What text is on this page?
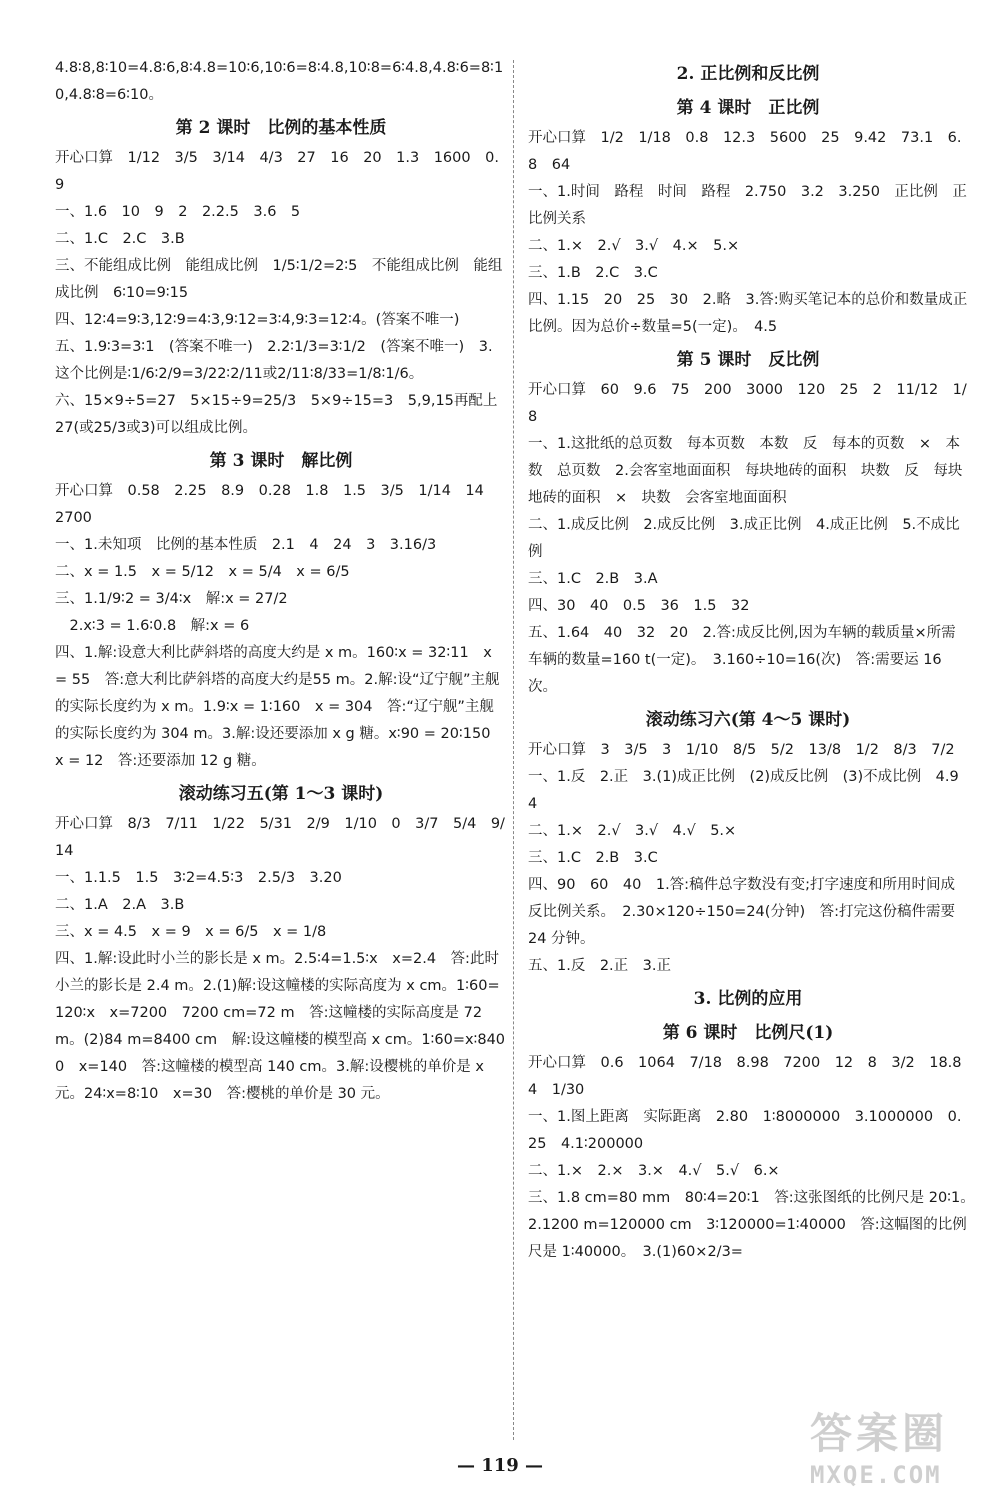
4.8∶8,8∶10=4.8∶6,8∶4.8=10∶6,10∶6=8∶4.8,10∶8=6∶4.8,4.8∶6=8∶10,4.8∶8=6∶10。

第 2 课时　比例的基本性质

开心口算　1/12　3/5　3/14　4/3　27　16　20　1.3　1600　0.9

一、1.6　10　9　2　2.2.5　3.6　5

二、1.C　2.C　3.B

三、不能组成比例　能组成比例　1/5∶1/2=2∶5　不能组成比例　能组成比例　6∶10=9∶15

四、12∶4=9∶3,12∶9=4∶3,9∶12=3∶4,9∶3=12∶4。(答案不唯一)

五、1.9∶3=3∶1　(答案不唯一)　2.2∶1/3=3∶1/2　(答案不唯一)　3.这个比例是∶1/6∶2/9=3/22∶2/11或2/11∶8/33=1/8∶1/6。

六、15×9÷5=27　5×15÷9=25/3　5×9÷15=3　5,9,15再配上 27(或25/3或3)可以组成比例。

第 3 课时　解比例

开心口算　0.58　2.25　8.9　0.28　1.8　1.5　3/5　1/14　14　2700

一、1.未知项　比例的基本性质　2.1　4　24　3　3.16/3

二、x = 1.5　x = 5/12　x = 5/4　x = 6/5

三、1.1/9∶2 = 3/4∶x　解:x = 27/2

　2.x∶3 = 1.6∶0.8　解:x = 6

四、1.解:设意大利比萨斜塔的高度大约是 x m。160∶x = 32∶11　x = 55　答:意大利比萨斜塔的高度大约是55 m。2.解:设“辽宁舰”主舰的实际长度约为 x m。1.9∶x = 1∶160　x = 304　答:“辽宁舰”主舰的实际长度约为 304 m。3.解:设还要添加 x g 糖。x∶90 = 20∶150　x = 12　答:还要添加 12 g 糖。

滚动练习五(第 1～3 课时)

开心口算　8/3　7/11　1/22　5/31　2/9　1/10　0　3/7　5/4　9/14

一、1.1.5　1.5　3∶2=4.5∶3　2.5/3　3.20

二、1.A　2.A　3.B

三、x = 4.5　x = 9　x = 6/5　x = 1/8

四、1.解:设此时小兰的影长是 x m。2.5∶4=1.5∶x　x=2.4　答:此时小兰的影长是 2.4 m。2.(1)解:设这幢楼的实际高度为 x cm。1∶60=120∶x　x=7200　7200 cm=72 m　答:这幢楼的实际高度是 72 m。(2)84 m=8400 cm　解:设这幢楼的模型高 x cm。1∶60=x∶8400　x=140　答:这幢楼的模型高 140 cm。3.解:设樱桃的单价是 x 元。24∶x=8∶10　x=30　答:樱桃的单价是 30 元。

2. 正比例和反比例
第 4 课时　正比例

开心口算　1/2　1/18　0.8　12.3　5600　25　9.42　73.1　6.8　64

一、1.时间　路程　时间　路程　2.750　3.2　3.250　正比例　正比例关系

二、1.×　2.√　3.√　4.×　5.×

三、1.B　2.C　3.C

四、1.15　20　25　30　2.略　3.答:购买笔记本的总价和数量成正比例。因为总价÷数量=5(一定)。　4.5

第 5 课时　反比例

开心口算　60　9.6　75　200　3000　120　25　2　11/12　1/8

一、1.这批纸的总页数　每本页数　本数　反　每本的页数　×　本数　总页数　2.会客室地面面积　每块地砖的面积　块数　反　每块地砖的面积　×　块数　会客室地面面积

二、1.成反比例　2.成反比例　3.成正比例　4.成正比例　5.不成比例

三、1.C　2.B　3.A

四、30　40　0.5　36　1.5　32

五、1.64　40　32　20　2.答:成反比例,因为车辆的载质量×所需车辆的数量=160 t(一定)。　3.160÷10=16(次)　答:需要运 16 次。

滚动练习六(第 4～5 课时)

开心口算　3　3/5　3　1/10　8/5　5/2　13/8　1/2　8/3　7/2

一、1.反　2.正　3.(1)成正比例　(2)成反比例　(3)不成比例　4.9　4

二、1.×　2.√　3.√　4.√　5.×

三、1.C　2.B　3.C

四、90　60　40　1.答:稿件总字数没有变;打字速度和所用时间成反比例关系。　2.30×120÷150=24(分钟)　答:打完这份稿件需要 24 分钟。

五、1.反　2.正　3.正

3. 比例的应用
第 6 课时　比例尺(1)

开心口算　0.6　1064　7/18　8.98　7200　12　8　3/2　18.84　1/30

一、1.图上距离　实际距离　2.80　1∶8000000　3.1000000　0.25　4.1∶200000

二、1.×　2.×　3.×　4.√　5.√　6.×

三、1.8 cm=80 mm　80∶4=20∶1　答:这张图纸的比例尺是 20∶1。　2.1200 m=120000 cm　3∶120000=1∶40000　答:这幅图的比例尺是 1∶40000。　3.(1)60×2/3=

— 119 —
答案圈
MXQE.COM
